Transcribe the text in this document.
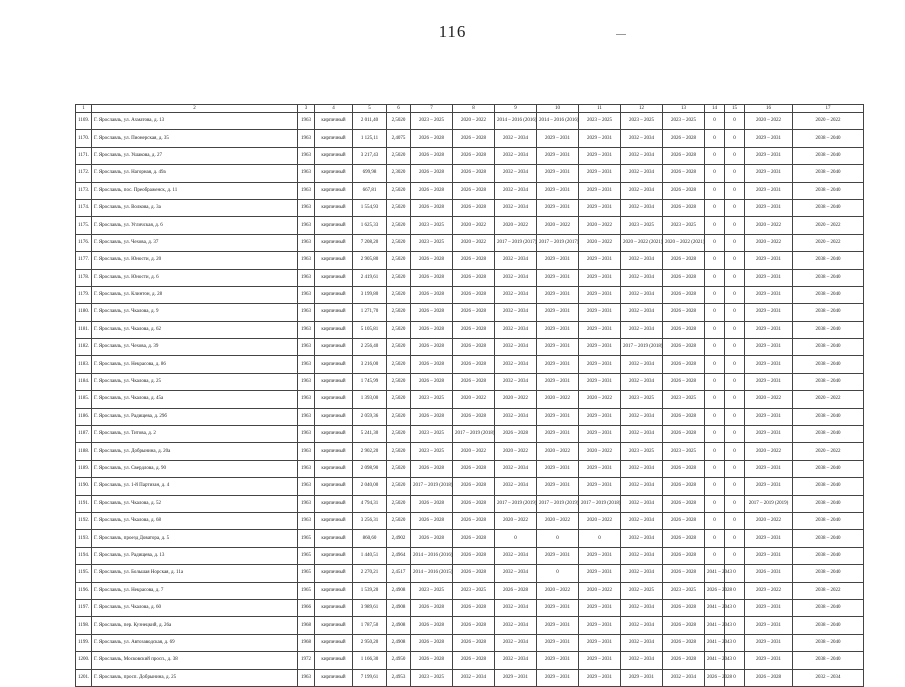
116
1	2	3	4	5	6	7	8	9	10	11	12	13	14	15	16	17
1169.	Г. Ярославль, ул. Ахматова, д. 13	1963	кирпичный	2 011,40	2,5020	2023 – 2025	2020 – 2022	2014 – 2016 (2016)	2014 – 2016 (2016)	2023 – 2025	2023 – 2025	2023 – 2025	0	0	2020 – 2022	2020 – 2022
1170.	Г. Ярославль, ул. Пионерская, д. 35	1963	кирпичный	1 125,11	2,4075	2026 – 2028	2026 – 2028	2032 – 2034	2029 – 2031	2029 – 2031	2032 – 2034	2026 – 2028	0	0	2029 – 2031	2038 – 2040
1171.	Г. Ярославль, ул. Ушакова, д. 27	1963	кирпичный	3 217,43	2,5020	2026 – 2028	2026 – 2028	2032 – 2034	2029 – 2031	2029 – 2031	2032 – 2034	2026 – 2028	0	0	2029 – 2031	2038 – 2040
1172.	Г. Ярославль, ул. Нагорная, д. 49а	1963	кирпичный	699,98	2,3020	2026 – 2028	2026 – 2028	2032 – 2034	2029 – 2031	2029 – 2031	2032 – 2034	2026 – 2028	0	0	2029 – 2031	2038 – 2040
1173.	Г. Ярославль, пос. Преображенск, д. 11	1963	кирпичный	667,81	2,5020	2026 – 2028	2026 – 2028	2032 – 2034	2029 – 2031	2029 – 2031	2032 – 2034	2026 – 2028	0	0	2029 – 2031	2038 – 2040
1174.	Г. Ярославль, ул. Волкова, д. 3а	1963	кирпичный	1 554,93	2,5020	2026 – 2028	2026 – 2028	2032 – 2034	2029 – 2031	2029 – 2031	2032 – 2034	2026 – 2028	0	0	2029 – 2031	2038 – 2040
1175.	Г. Ярославль, ул. Угличская, д. 6	1963	кирпичный	1 625,33	2,5020	2023 – 2025	2020 – 2022	2020 – 2022	2020 – 2022	2020 – 2022	2023 – 2025	2023 – 2025	0	0	2020 – 2022	2020 – 2022
1176.	Г. Ярославль, ул. Чехова, д. 37	1963	кирпичный	7 208,20	2,5020	2023 – 2025	2020 – 2022	2017 – 2019 (2017)	2017 – 2019 (2017)	2020 – 2022	2020 – 2022 (2021)	2020 – 2022 (2021)	0	0	2020 – 2022	2020 – 2022
1177.	Г. Ярославль, ул. Юности, д. 20	1963	кирпичный	2 905,80	2,5020	2026 – 2028	2026 – 2028	2032 – 2034	2029 – 2031	2029 – 2031	2032 – 2034	2026 – 2028	0	0	2029 – 2031	2038 – 2040
1178.	Г. Ярославль, ул. Юности, д. 6	1963	кирпичный	2 419,61	2,5020	2026 – 2028	2026 – 2028	2032 – 2034	2029 – 2031	2029 – 2031	2032 – 2034	2026 – 2028	0	0	2029 – 2031	2038 – 2040
1179.	Г. Ярославль, ул. Клинтон, д. 28	1963	кирпичный	3 199,80	2,5020	2026 – 2028	2026 – 2028	2032 – 2034	2029 – 2031	2029 – 2031	2032 – 2034	2026 – 2028	0	0	2029 – 2031	2038 – 2040
1180.	Г. Ярославль, ул. Чкалова, д. 9	1963	кирпичный	1 271,70	2,5020	2026 – 2028	2026 – 2028	2032 – 2034	2029 – 2031	2029 – 2031	2032 – 2034	2026 – 2028	0	0	2029 – 2031	2038 – 2040
1181.	Г. Ярославль, ул. Чкалова, д. 62	1963	кирпичный	5 105,81	2,5020	2026 – 2028	2026 – 2028	2032 – 2034	2029 – 2031	2029 – 2031	2032 – 2034	2026 – 2028	0	0	2029 – 2031	2038 – 2040
1182.	Г. Ярославль, ул. Чехова, д. 39	1963	кирпичный	2 256,40	2,5020	2026 – 2028	2026 – 2028	2032 – 2034	2029 – 2031	2029 – 2031	2017 – 2019 (2018)	2026 – 2028	0	0	2029 – 2031	2038 – 2040
1183.	Г. Ярославль, ул. Некрасова, д. 86	1963	кирпичный	3 216,00	2,5020	2026 – 2028	2026 – 2028	2032 – 2034	2029 – 2031	2029 – 2031	2032 – 2034	2026 – 2028	0	0	2029 – 2031	2038 – 2040
1184.	Г. Ярославль, ул. Чкалова, д. 25	1963	кирпичный	1 745,99	2,5020	2026 – 2028	2026 – 2028	2032 – 2034	2029 – 2031	2029 – 2031	2032 – 2034	2026 – 2028	0	0	2029 – 2031	2038 – 2040
1185.	Г. Ярославль, ул. Чкалова, д. 45а	1963	кирпичный	1 393,00	2,5020	2023 – 2025	2020 – 2022	2020 – 2022	2020 – 2022	2020 – 2022	2023 – 2025	2023 – 2025	0	0	2020 – 2022	2020 – 2022
1186.	Г. Ярославль, ул. Радищева, д. 29б	1963	кирпичный	2 059,36	2,5020	2026 – 2028	2026 – 2028	2032 – 2034	2029 – 2031	2029 – 2031	2032 – 2034	2026 – 2028	0	0	2029 – 2031	2038 – 2040
1187.	Г. Ярославль, ул. Титова, д. 2	1963	кирпичный	5 241,30	2,5020	2023 – 2025	2017 – 2019 (2018)	2026 – 2028	2029 – 2031	2029 – 2031	2032 – 2034	2026 – 2028	0	0	2029 – 2031	2038 – 2040
1188.	Г. Ярославль, ул. Добрынина, д. 20а	1963	кирпичный	2 902,20	2,5020	2023 – 2025	2020 – 2022	2020 – 2022	2020 – 2022	2020 – 2022	2023 – 2025	2023 – 2025	0	0	2020 – 2022	2020 – 2022
1189.	Г. Ярославль, ул. Свердлова, д. 90	1963	кирпичный	2 098,90	2,5020	2026 – 2028	2026 – 2028	2032 – 2034	2029 – 2031	2029 – 2031	2032 – 2034	2026 – 2028	0	0	2029 – 2031	2038 – 2040
1190.	Г. Ярославль, ул. 1-й Партизан, д. 4	1963	кирпичный	2 040,00	2,5020	2017 – 2019 (2018)	2026 – 2028	2032 – 2034	2029 – 2031	2029 – 2031	2032 – 2034	2026 – 2028	0	0	2029 – 2031	2038 – 2040
1191.	Г. Ярославль, ул. Чкалова, д. 52	1963	кирпичный	4 794,31	2,5020	2026 – 2028	2026 – 2028	2017 – 2019 (2019)	2017 – 2019 (2019)	2017 – 2019 (2018)	2032 – 2034	2026 – 2028	0	0	2017 – 2019 (2019)	2038 – 2040
1192.	Г. Ярославль, ул. Чкалова, д. 68	1963	кирпичный	3 256,31	2,5020	2026 – 2028	2026 – 2028	2020 – 2022	2020 – 2022	2020 – 2022	2032 – 2034	2026 – 2028	0	0	2020 – 2022	2038 – 2040
1193.	Г. Ярославль, проезд Доватора, д. 5	1965	кирпичный	860,60	2,4902	2026 – 2028	2026 – 2028	0	0	0	2032 – 2034	2026 – 2028	0	0	2029 – 2031	2038 – 2040
1194.	Г. Ярославль, ул. Радищева, д. 13	1965	кирпичный	1 440,51	2,4964	2014 – 2016 (2016)	2026 – 2028	2032 – 2034	2029 – 2031	2029 – 2031	2032 – 2034	2026 – 2028	0	0	2029 – 2031	2038 – 2040
1195.	Г. Ярославль, ул. Большая Норская, д. 11а	1965	кирпичный	2 270,21	2,4517	2014 – 2016 (2015)	2026 – 2028	2032 – 2034	0	2029 – 2031	2032 – 2034	2026 – 2028	2041 – 2043	0	2026 – 2031	2038 – 2040
1196.	Г. Ярославль, ул. Некрасова, д. 7	1965	кирпичный	1 539,20	2,4908	2023 – 2025	2023 – 2025	2026 – 2028	2020 – 2022	2020 – 2022	2032 – 2025	2023 – 2025	2026 – 2028	0	2029 – 2022	2038 – 2022
1197.	Г. Ярославль, ул. Чкалова, д. 60	1966	кирпичный	3 989,61	2,4908	2026 – 2028	2026 – 2028	2032 – 2034	2029 – 2031	2029 – 2031	2032 – 2034	2026 – 2028	2041 – 2043	0	2029 – 2031	2038 – 2040
1198.	Г. Ярославль, пер. Кузнецкий, д. 26а	1968	кирпичный	1 787,50	2,4908	2026 – 2028	2026 – 2028	2032 – 2034	2029 – 2031	2029 – 2031	2032 – 2034	2026 – 2028	2041 – 2043	0	2029 – 2031	2038 – 2040
1199.	Г. Ярославль, ул. Автозаводская, д. 69	1968	кирпичный	2 950,20	2,4908	2026 – 2028	2026 – 2028	2032 – 2034	2029 – 2031	2029 – 2031	2032 – 2034	2026 – 2028	2041 – 2043	0	2029 – 2031	2038 – 2040
1200.	Г. Ярославль, Московский просп., д. 38	1972	кирпичный	1 166,30	2,4950	2026 – 2028	2026 – 2028	2032 – 2034	2029 – 2031	2029 – 2031	2032 – 2034	2026 – 2028	2041 – 2043	0	2029 – 2031	2038 – 2040
1201.	Г. Ярославль, просп. Добрынина, д. 25	1963	кирпичный	7 199,61	2,4953	2023 – 2025	2032 – 2034	2029 – 2031	2029 – 2031	2029 – 2031	2029 – 2031	2032 – 2034	2026 – 2028	0	2026 – 2028	2032 – 2034
